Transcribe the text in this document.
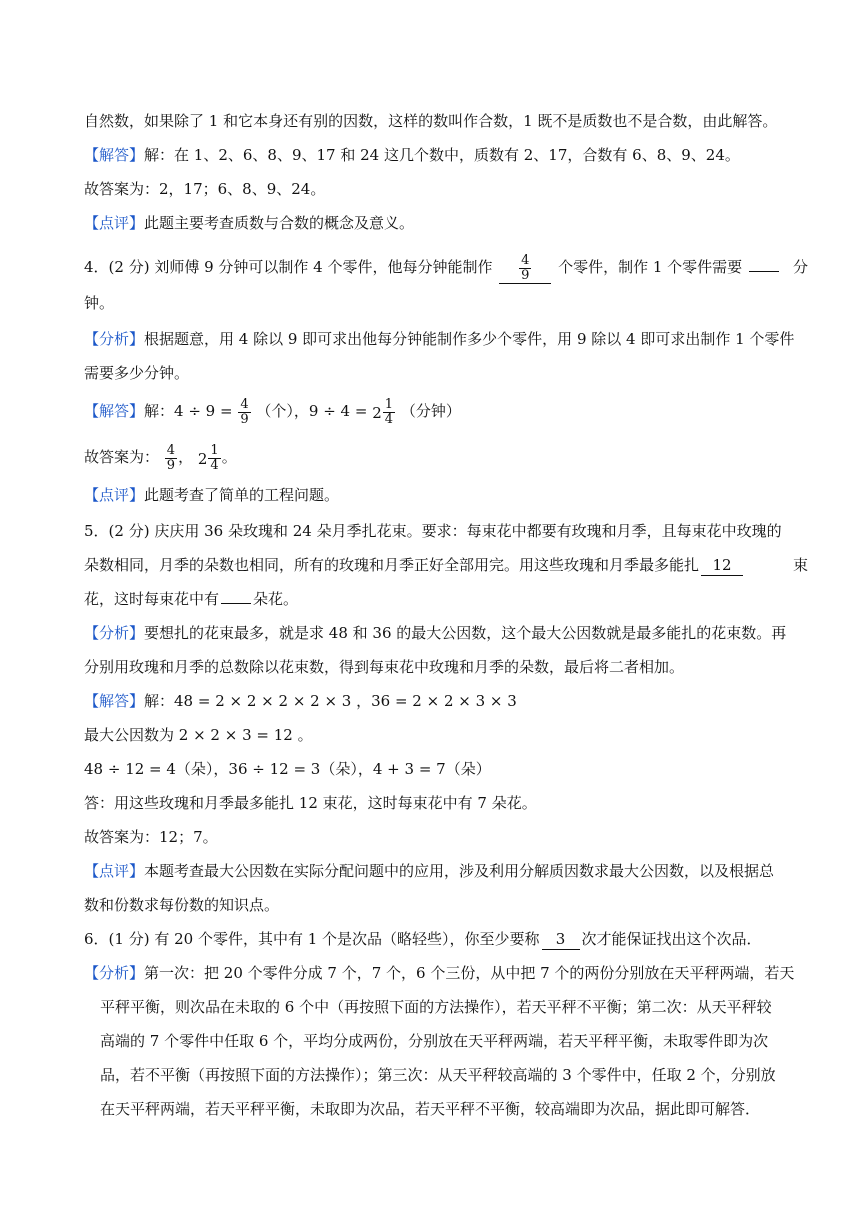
自然数，如果除了 1 和它本身还有别的因数，这样的数叫作合数，1 既不是质数也不是合数，由此解答。
【解答】解：在 1、2、6、8、9、17 和 24 这几个数中，质数有 2、17，合数有 6、8、9、24。
故答案为：2，17；6、8、9、24。
【点评】此题主要考查质数与合数的概念及意义。
4．(2 分) 刘师傅 9 分钟可以制作 4 个零件，他每分钟能制作 $\frac{4}{9}$ 个零件，制作 1 个零件需要	分
钟。
【分析】根据题意，用 4 除以 9 即可求出他每分钟能制作多少个零件，用 9 除以 4 即可求出制作 1 个零件
需要多少分钟。
【解答】解：$4 \div 9 = \frac{4}{9}$ （个），$9 \div 4 = 2 \frac{1}{4}$ （分钟）
故答案为： $\frac{4}{9}$ ， $2 \frac{1}{4}$ 。
【点评】此题考查了简单的工程问题。
5．(2 分) 庆庆用 36 朵玫瑰和 24 朵月季扎花束。要求：每束花中都要有玫瑰和月季，且每束花中玫瑰的
朵数相同，月季的朵数也相同，所有的玫瑰和月季正好全部用完。用这些玫瑰和月季最多能扎 12	束
花，这时每束花中有 朵花。
【分析】要想扎的花束最多，就是求 48 和 36 的最大公因数，这个最大公因数就是最多能扎的花束数。再
分别用玫瑰和月季的总数除以花束数，得到每束花中玫瑰和月季的朵数，最后将二者相加。
【解答】解：48 = 2 × 2 × 2 × 2 × 3 ，36 = 2 × 2 × 3 × 3
最大公因数为 2 × 2 × 3 = 12 。
48 ÷ 12 = 4（朵），36 ÷ 12 = 3（朵），4 + 3 = 7（朵）
答：用这些玫瑰和月季最多能扎 12 束花，这时每束花中有 7 朵花。
故答案为：12；7。
【点评】本题考查最大公因数在实际分配问题中的应用，涉及利用分解质因数求最大公因数，以及根据总
数和份数求每份数的知识点。
6．(1 分) 有 20 个零件，其中有 1 个是次品（略轻些），你至少要称 3 次才能保证找出这个次品．
【分析】第一次：把 20 个零件分成 7 个，7 个，6 个三份，从中把 7 个的两份分别放在天平秤两端，若天
平秤平衡，则次品在未取的 6 个中（再按照下面的方法操作），若天平秤不平衡；第二次：从天平秤较
高端的 7 个零件中任取 6 个，平均分成两份，分别放在天平秤两端，若天平秤平衡，未取零件即为次
品，若不平衡（再按照下面的方法操作）；第三次：从天平秤较高端的 3 个零件中，任取 2 个，分别放
在天平秤两端，若天平秤平衡，未取即为次品，若天平秤不平衡，较高端即为次品，据此即可解答．
